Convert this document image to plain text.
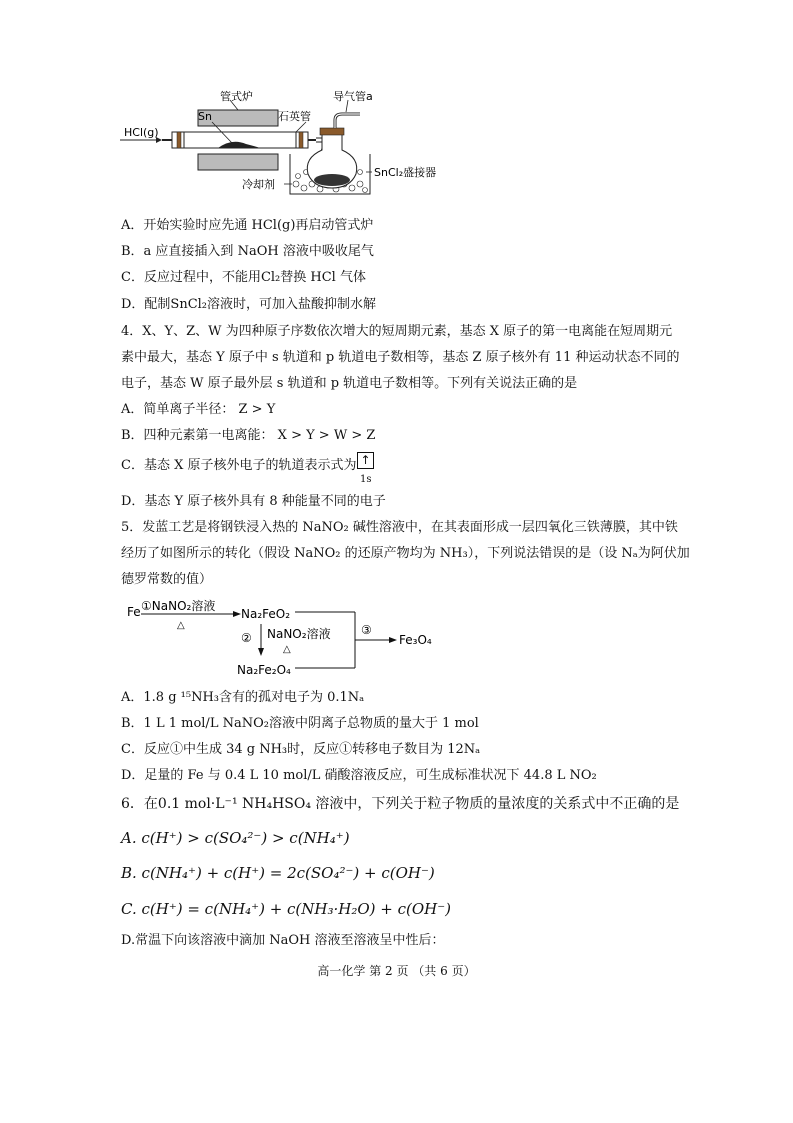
管式炉
Sn	石英管
导气管a
HCl(g)
SnCl₂盛接器
冷却剂
A．开始实验时应先通 HCl(g)再启动管式炉
B．a 应直接插入到 NaOH 溶液中吸收尾气
C．反应过程中，不能用Cl₂替换 HCl 气体
D．配制SnCl₂溶液时，可加入盐酸抑制水解
4．X、Y、Z、W 为四种原子序数依次增大的短周期元素，基态 X 原子的第一电离能在短周期元
素中最大，基态 Y 原子中 s 轨道和 p 轨道电子数相等，基态 Z 原子核外有 11 种运动状态不同的
电子，基态 W 原子最外层 s 轨道和 p 轨道电子数相等。下列有关说法正确的是
A．简单离子半径： Z > Y
B．四种元素第一电离能： X > Y > W > Z
C．基态 X 原子核外电子的轨道表示式为 ↑
1s
D．基态 Y 原子核外具有 8 种能量不同的电子
5．发蓝工艺是将钢铁浸入热的 NaNO₂ 碱性溶液中，在其表面形成一层四氧化三铁薄膜，其中铁
经历了如图所示的转化（假设 NaNO₂ 的还原产物均为 NH₃），下列说法错误的是（设 Nₐ为阿伏加
德罗常数的值）
Fe ①NaNO₂溶液
△
Na₂FeO₂
③
Fe₃O₄
② NaNO₂溶液
△
Na₂Fe₂O₄
A．1.8 g ¹⁵NH₃含有的孤对电子为 0.1Nₐ
B．1 L 1 mol/L NaNO₂溶液中阴离子总物质的量大于 1 mol
C．反应①中生成 34 g NH₃时，反应①转移电子数目为 12Nₐ
D．足量的 Fe 与 0.4 L 10 mol/L 硝酸溶液反应，可生成标准状况下 44.8 L NO₂
6．在0.1 mol·L⁻¹ NH₄HSO₄ 溶液中，下列关于粒子物质的量浓度的关系式中不正确的是
A. c(H⁺) > c(SO₄²⁻) > c(NH₄⁺)
B. c(NH₄⁺) + c(H⁺) = 2c(SO₄²⁻) + c(OH⁻)
C. c(H⁺) = c(NH₄⁺) + c(NH₃·H₂O) + c(OH⁻)
D.常温下向该溶液中滴加 NaOH 溶液至溶液呈中性后：
高一化学 第 2 页 （共 6 页）
